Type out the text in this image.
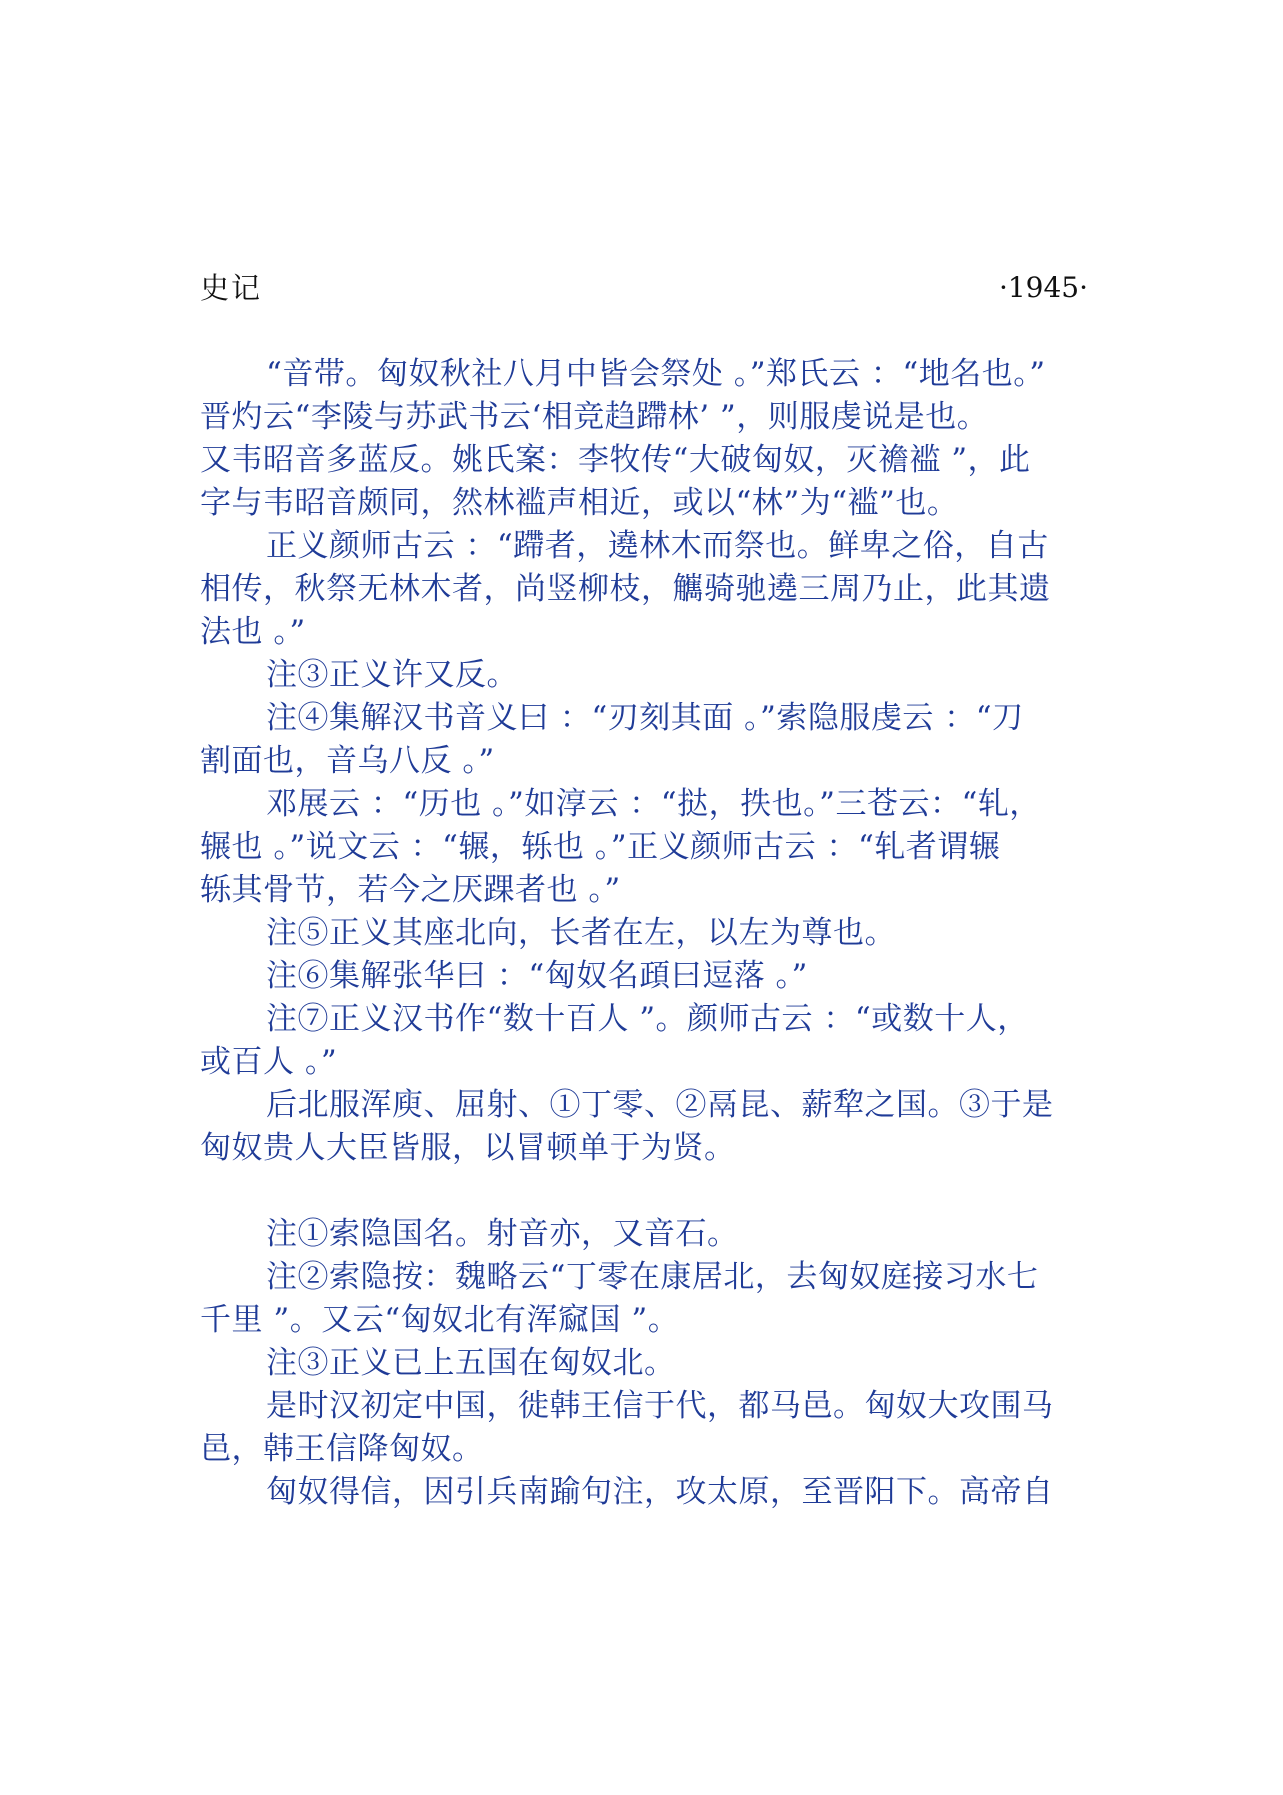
史记	·1945·
“音带。匈奴秋社八月中皆会祭处 。”郑氏云 ：“地名也。”
晋灼云“李陵与苏武书云‘相竞趋蹛林’ ”，则服虔说是也。
又韦昭音多蓝反。姚氏案：李牧传“大破匈奴，灭襜褴 ”，此
字与韦昭音颇同，然林褴声相近，或以“林”为“褴”也。
正义颜师古云 ：“蹛者，遶林木而祭也。鲜卑之俗，自古
相传，秋祭无林木者，尚竖柳枝，觽骑驰遶三周乃止，此其遗
法也 。”
注③正义许又反。
注④集解汉书音义曰 ：“刃刻其面 。”索隐服虔云 ：“刀
割面也，音乌八反 。”
邓展云 ：“历也 。”如淳云 ：“挞，抶也。”三苍云：“轧，
辗也 。”说文云 ：“辗，轹也 。”正义颜师古云 ：“轧者谓辗
轹其骨节，若今之厌踝者也 。”
注⑤正义其座北向，长者在左，以左为尊也。
注⑥集解张华曰 ：“匈奴名頙曰逗落 。”
注⑦正义汉书作“数十百人 ”。颜师古云 ：“或数十人，
或百人 。”
后北服浑庾、屈射、①丁零、②鬲昆、薪犂之国。③于是
匈奴贵人大臣皆服，以冒顿单于为贤。
注①索隐国名。射音亦，又音石。
注②索隐按：魏略云“丁零在康居北，去匈奴庭接习水七
千里 ”。又云“匈奴北有浑窳国 ”。
注③正义已上五国在匈奴北。
是时汉初定中国，徙韩王信于代，都马邑。匈奴大攻围马
邑，韩王信降匈奴。
匈奴得信，因引兵南踰句注，攻太原，至晋阳下。高帝自
